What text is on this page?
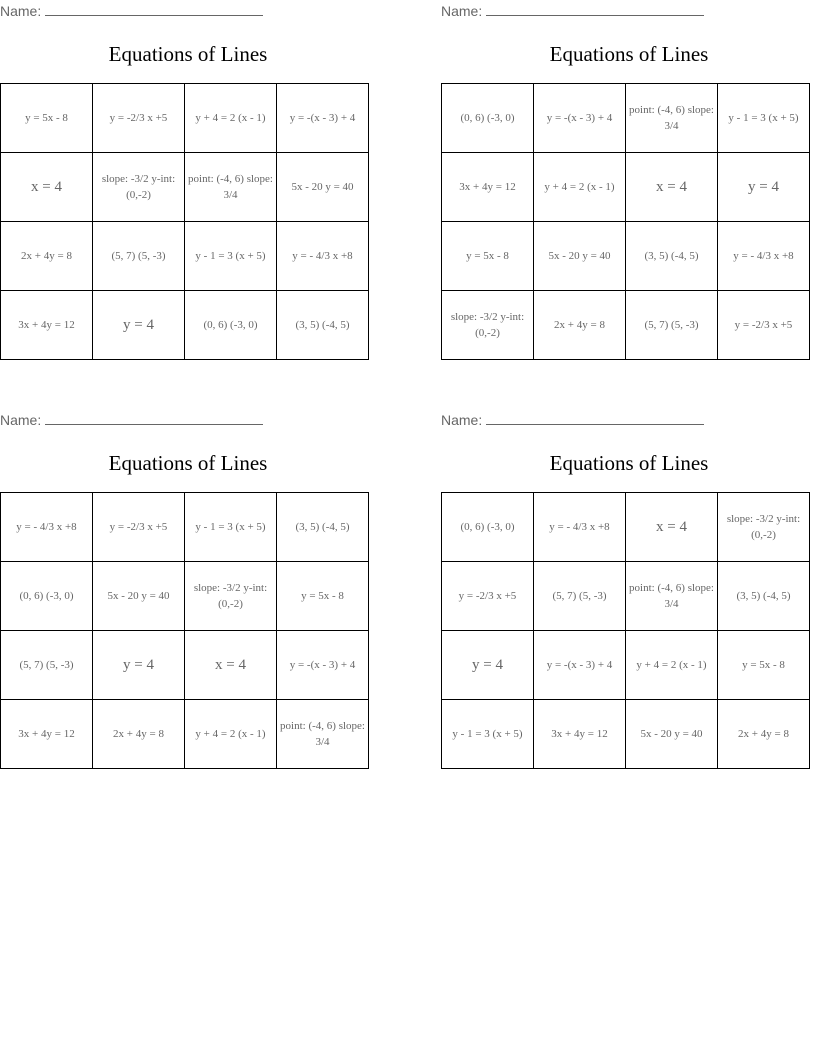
Name:
Equations of Lines
y = 5x - 8	y = -2/3 x +5	y + 4 = 2 (x - 1)	y = -(x - 3) + 4
x = 4	slope: -3/2 y-int: (0,-2)	point: (-4, 6) slope: 3/4	5x - 20 y = 40
2x + 4y = 8	(5, 7) (5, -3)	y - 1 = 3 (x + 5)	y = - 4/3 x +8
3x + 4y = 12	y = 4	(0, 6) (-3, 0)	(3, 5) (-4, 5)
Name:
Equations of Lines
(0, 6) (-3, 0)	y = -(x - 3) + 4	point: (-4, 6) slope: 3/4	y - 1 = 3 (x + 5)
3x + 4y = 12	y + 4 = 2 (x - 1)	x = 4	y = 4
y = 5x - 8	5x - 20 y = 40	(3, 5) (-4, 5)	y = - 4/3 x +8
slope: -3/2 y-int: (0,-2)	2x + 4y = 8	(5, 7) (5, -3)	y = -2/3 x +5
Name:
Equations of Lines
y = - 4/3 x +8	y = -2/3 x +5	y - 1 = 3 (x + 5)	(3, 5) (-4, 5)
(0, 6) (-3, 0)	5x - 20 y = 40	slope: -3/2 y-int: (0,-2)	y = 5x - 8
(5, 7) (5, -3)	y = 4	x = 4	y = -(x - 3) + 4
3x + 4y = 12	2x + 4y = 8	y + 4 = 2 (x - 1)	point: (-4, 6) slope: 3/4
Name:
Equations of Lines
(0, 6) (-3, 0)	y = - 4/3 x +8	x = 4	slope: -3/2 y-int: (0,-2)
y = -2/3 x +5	(5, 7) (5, -3)	point: (-4, 6) slope: 3/4	(3, 5) (-4, 5)
y = 4	y = -(x - 3) + 4	y + 4 = 2 (x - 1)	y = 5x - 8
y - 1 = 3 (x + 5)	3x + 4y = 12	5x - 20 y = 40	2x + 4y = 8
